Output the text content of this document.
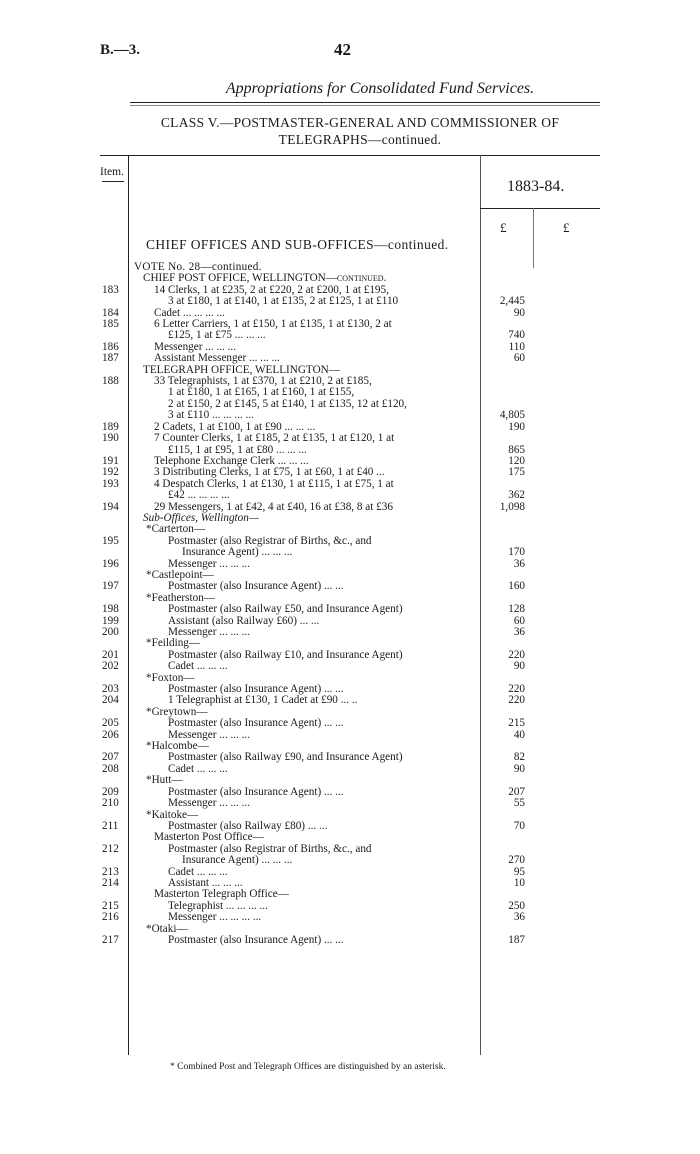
B.—3.	42
Appropriations for Consolidated Fund Services.
CLASS V.—POSTMASTER-GENERAL AND COMMISSIONER OF
TELEGRAPHS—continued.
Item.
1883-84.
£	£
CHIEF OFFICES AND SUB-OFFICES—continued.
VOTE No. 28—continued.
CHIEF POST OFFICE, WELLINGTON—continued.
183	14 Clerks, 1 at £235, 2 at £220, 2 at £200, 1 at £195,
3 at £180, 1 at £140, 1 at £135, 2 at £125, 1 at £110	2,445
184	Cadet ... ... ... ...	90
185	6 Letter Carriers, 1 at £150, 1 at £135, 1 at £130, 2 at
£125, 1 at £75 ... ... ...	740
186	Messenger ... ... ...	110
187	Assistant Messenger ... ... ...	60
TELEGRAPH OFFICE, WELLINGTON—
188	33 Telegraphists, 1 at £370, 1 at £210, 2 at £185,
1 at £180, 1 at £165, 1 at £160, 1 at £155,
2 at £150, 2 at £145, 5 at £140, 1 at £135, 12 at £120,
3 at £110 ... ... ... ...	4,805
189	2 Cadets, 1 at £100, 1 at £90 ... ... ...	190
190	7 Counter Clerks, 1 at £185, 2 at £135, 1 at £120, 1 at
£115, 1 at £95, 1 at £80 ... ... ...	865
191	Telephone Exchange Clerk ... ... ...	120
192	3 Distributing Clerks, 1 at £75, 1 at £60, 1 at £40 ...	175
193	4 Despatch Clerks, 1 at £130, 1 at £115, 1 at £75, 1 at
£42 ... ... ... ...	362
194	29 Messengers, 1 at £42, 4 at £40, 16 at £38, 8 at £36	1,098
Sub-Offices, Wellington—
*Carterton—
195	Postmaster (also Registrar of Births, &c., and
Insurance Agent) ... ... ...	170
196	Messenger ... ... ...	36
*Castlepoint—
197	Postmaster (also Insurance Agent) ... ...	160
*Featherston—
198	Postmaster (also Railway £50, and Insurance Agent)	128
199	Assistant (also Railway £60) ... ...	60
200	Messenger ... ... ...	36
*Feilding—
201	Postmaster (also Railway £10, and Insurance Agent)	220
202	Cadet ... ... ...	90
*Foxton—
203	Postmaster (also Insurance Agent) ... ...	220
204	1 Telegraphist at £130, 1 Cadet at £90 ... ..	220
*Greytown—
205	Postmaster (also Insurance Agent) ... ...	215
206	Messenger ... ... ...	40
*Halcombe—
207	Postmaster (also Railway £90, and Insurance Agent)	82
208	Cadet ... ... ...	90
*Hutt—
209	Postmaster (also Insurance Agent) ... ...	207
210	Messenger ... ... ...	55
*Kaitoke—
211	Postmaster (also Railway £80) ... ...	70
Masterton Post Office—
212	Postmaster (also Registrar of Births, &c., and
Insurance Agent) ... ... ...	270
213	Cadet ... ... ...	95
214	Assistant ... ... ...	10
Masterton Telegraph Office—
215	Telegraphist ... ... ... ...	250
216	Messenger ... ... ... ...	36
*Otaki—
217	Postmaster (also Insurance Agent) ... ...	187
* Combined Post and Telegraph Offices are distinguished by an asterisk.
